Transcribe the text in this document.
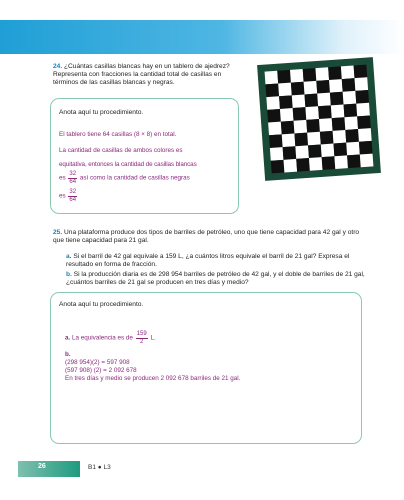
24. ¿Cuántas casillas blancas hay en un tablero de ajedrez? Representa con fracciones la cantidad total de casillas en términos de las casillas blancas y negras.
Anota aquí tu procedimiento.
El tablero tiene 64 casillas (8 × 8) en total.
La cantidad de casillas de ambos colores es
equitativa, entonces la cantidad de casillas blancas
es $\frac{32}{64}$ así como la cantidad de casillas negras
es $\frac{32}{64}$
25. Una plataforma produce dos tipos de barriles de petróleo, uno que tiene capacidad para 42 gal y otro que tiene capacidad para 21 gal.
a. Si el barril de 42 gal equivale a 159 L, ¿a cuántos litros equivale el barril de 21 gal? Expresa el resultado en forma de fracción.
b. Si la producción diaria es de 298 954 barriles de petróleo de 42 gal, y el doble de barriles de 21 gal, ¿cuántos barriles de 21 gal se producen en tres días y medio?
Anota aquí tu procedimiento.
a. La equivalencia es de $\frac{159}{2} L$.
b.
(298 954)(2) = 597 908
(597 908) (2) = 2 092 678
En tres días y medio se producen 2 092 678 barriles de 21 gal.
26	B1 ● L3
